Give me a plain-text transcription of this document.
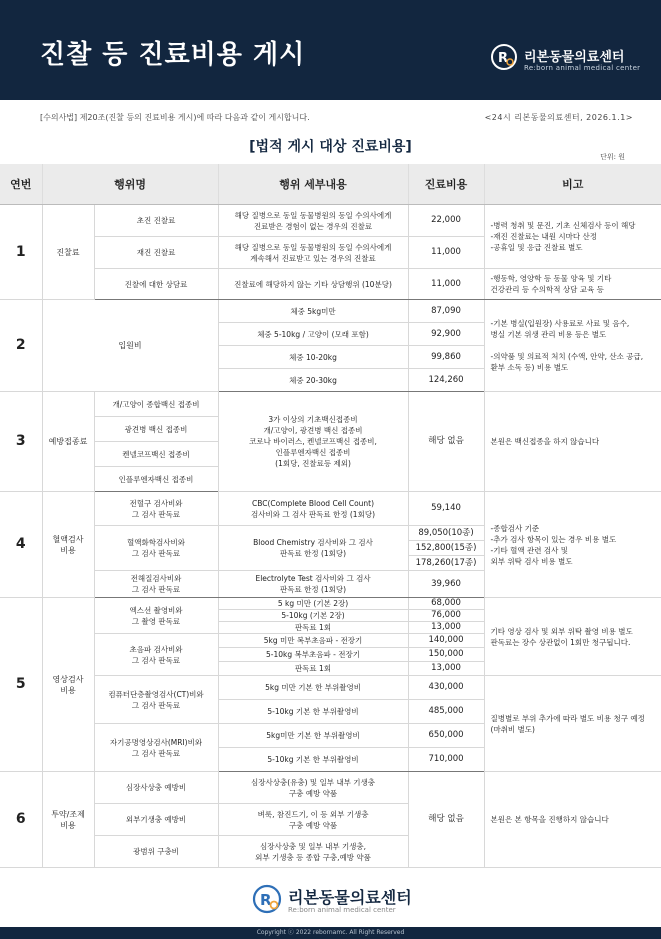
진찰 등 진료비용 게시	R 리본동물의료센터
Re:born animal medical center
[수의사법] 제20조(진찰 등의 진료비용 게시)에 따라 다음과 같이 게시합니다.	<24시 리본동물의료센터, 2026.1.1>
[법적 게시 대상 진료비용]
단위: 원
연번	행위명		행위 세부내용	진료비용	비고
1	진찰료	초진 진찰료	해당 질병으로 동일 동물병원의 동일 수의사에게
진료받은 경험이 없는 경우의 진찰료	22,000	-병력 청취 및 문진, 기초 신체검사 등이 해당
-재진 진찰료는 내원 시마다 산정
-공휴일 및 응급 진찰료 별도
		재진 진찰료	해당 질병으로 동일 동물병원의 동일 수의사에게
계속해서 진료받고 있는 경우의 진찰료	11,000	
		진찰에 대한 상담료	진찰료에 해당하지 않는 기타 상담행위 (10분당)	11,000	-행동학, 영양학 등 동물 양육 및 기타
건강관리 등 수의학적 상담 교육 등
2	입원비		체중 5kg미만	87,090	-기본 병실(입원장) 사용료로 사료 및 음수,
병실 기본 위생 관리 비용 등은 별도

-의약품 및 의료적 처치 (수액, 안약, 산소 공급,
환부 소독 등) 비용 별도
			체중 5-10kg / 고양이 (모래 포함)	92,900	
			체중 10-20kg	99,860	
			체중 20-30kg	124,260	
3	예방접종료	개/고양이 종합백신 접종비	3가 이상의 기초백신접종비
개/고양이, 광견병 백신 접종비
코로나 바이러스, 켄넬코프백신 접종비,
인플루엔자백신 접종비
(1회당, 진찰료등 제외)	해당 없음	본원은 백신접종을 하지 않습니다
		광견병 백신 접종비			
		켄넬코프백신 접종비			
		인플루엔자백신 접종비			
4	혈액검사
비용	전혈구 검사비와
그 검사 판독료	CBC(Complete Blood Cell Count)
검사비와 그 검사 판독료 한정 (1회당)	59,140	-종합검사 기준
-추가 검사 항목이 있는 경우 비용 별도
-기타 혈액 관련 검사 및
외부 위탁 검사 비용 별도
		혈액화학검사비와
그 검사 판독료	Blood Chemistry 검사비와 그 검사
판독료 한정 (1회당)	89,050(10종)	
				152,800(15종)	
				178,260(17종)	
		전해질검사비와
그 검사 판독료	Electrolyte Test 검사비와 그 검사
판독료 한정 (1회당)	39,960	
5	영상검사
비용	엑스선 촬영비와
그 촬영 판독료	5 kg 미만 (기본 2장)	68,000	기타 영상 검사 및 외부 위탁 촬영 비용 별도
판독료는 장수 상관없이 1회만 청구됩니다.
			5-10kg (기본 2장)	76,000	
			판독료 1회	13,000	
		초음파 검사비와
그 검사 판독료	5kg 미만 복부초음파 - 전장기	140,000	
			5-10kg 복부초음파 - 전장기	150,000	
			판독료 1회	13,000	
		컴퓨터단층촬영검사(CT)비와
그 검사 판독료	5kg 미만 기본 한 부위촬영비	430,000	질병별로 부위 추가에 따라 별도 비용 청구 예정
(마취비 별도)
			5-10kg 기본 한 부위촬영비	485,000	
		자기공명영상검사(MRI)비와
그 검사 판독료	5kg미만 기본 한 부위촬영비	650,000	
			5-10kg 기본 한 부위촬영비	710,000	
6	투약/조제
비용	심장사상충 예방비	심장사상충(유충) 및 일부 내부 기생충
구충 예방 약품	해당 없음	본원은 본 항목을 진행하지 않습니다
		외부기생충 예방비	벼룩, 참진드기, 이 등 외부 기생충
구충 예방 약품		
		광범위 구충비	심장사상충 및 일부 내부 기생충,
외부 기생충 등 종합 구충,예방 약품		
R 리본동물의료센터
Re:born animal medical center
Copyright ⓒ 2022 rebornamc. All Right Reserved
